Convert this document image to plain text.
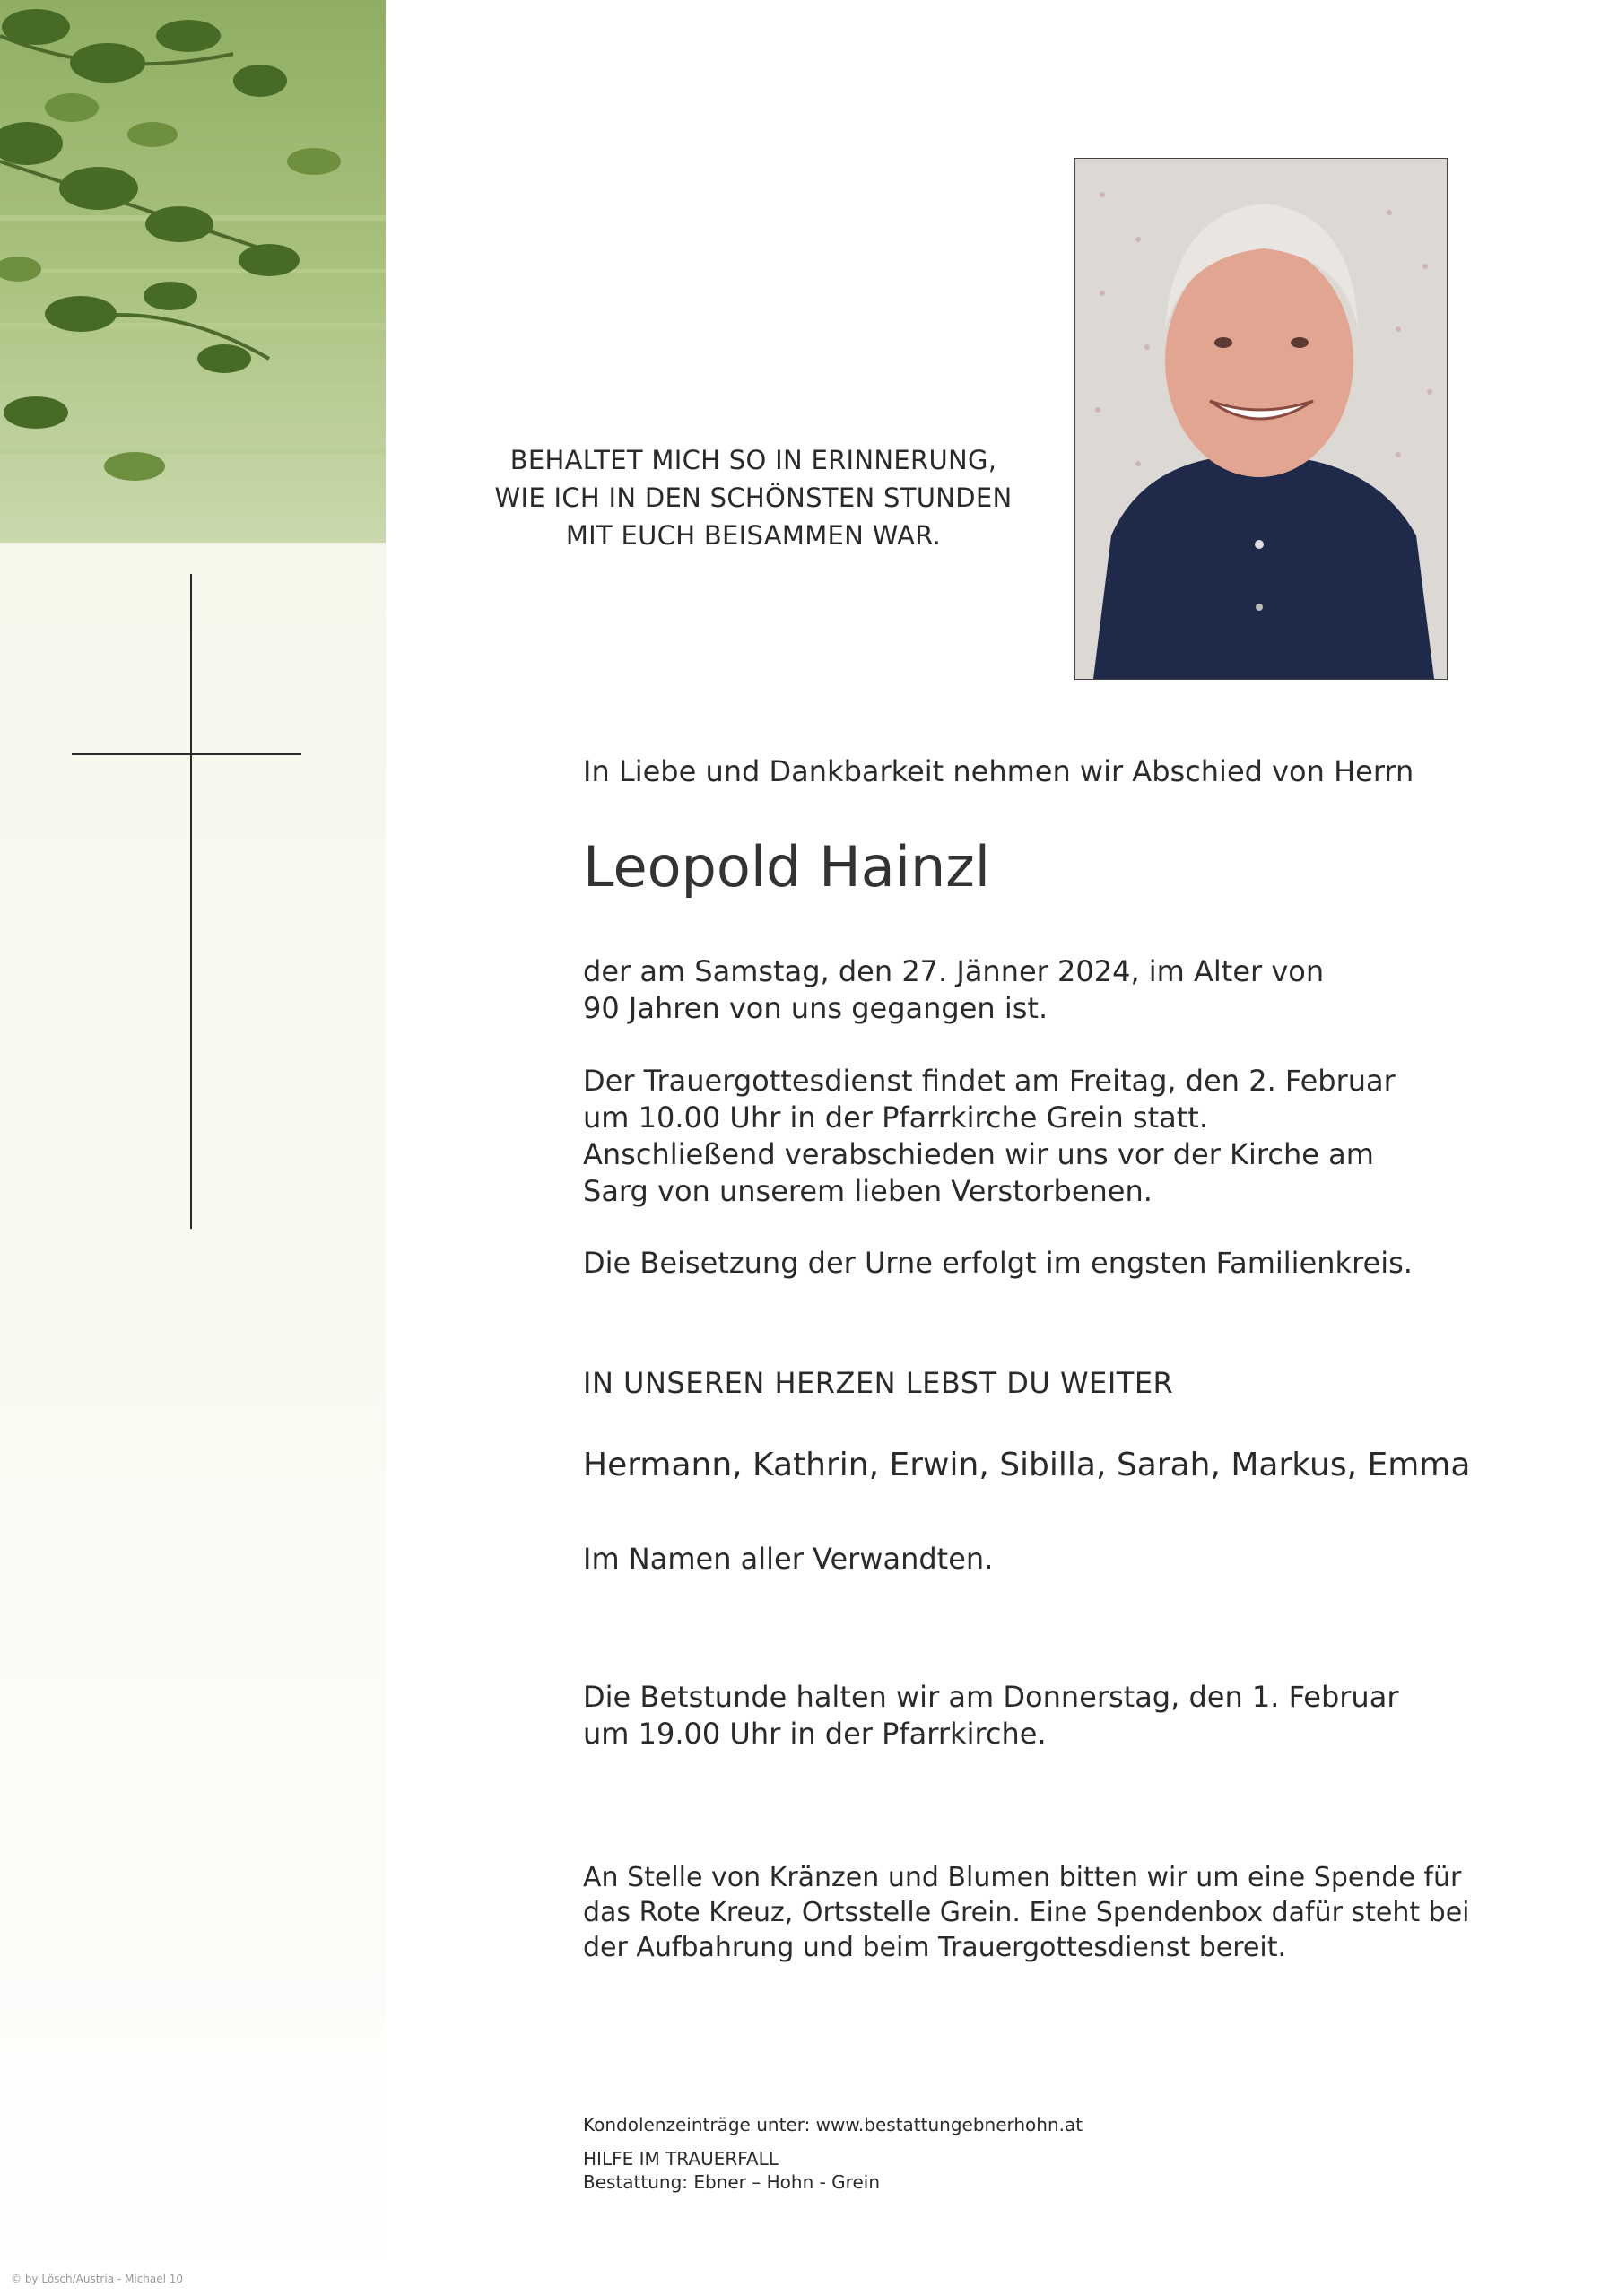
BEHALTET MICH SO IN ERINNERUNG,
WIE ICH IN DEN SCHÖNSTEN STUNDEN
MIT EUCH BEISAMMEN WAR.
In Liebe und Dankbarkeit nehmen wir Abschied von Herrn
Leopold Hainzl
der am Samstag, den 27. Jänner 2024, im Alter von
90 Jahren von uns gegangen ist.
Der Trauergottesdienst findet am Freitag, den 2. Februar
um 10.00 Uhr in der Pfarrkirche Grein statt.
Anschließend verabschieden wir uns vor der Kirche am
Sarg von unserem lieben Verstorbenen.
Die Beisetzung der Urne erfolgt im engsten Familienkreis.
IN UNSEREN HERZEN LEBST DU WEITER
Hermann, Kathrin, Erwin, Sibilla, Sarah, Markus, Emma
Im Namen aller Verwandten.
Die Betstunde halten wir am Donnerstag, den 1. Februar
um 19.00 Uhr in der Pfarrkirche.
An Stelle von Kränzen und Blumen bitten wir um eine Spende für
das Rote Kreuz, Ortsstelle Grein. Eine Spendenbox dafür steht bei
der Aufbahrung und beim Trauergottesdienst bereit.
Kondolenzeinträge unter: www.bestattungebnerhohn.at
HILFE IM TRAUERFALL
Bestattung: Ebner – Hohn - Grein
© by Lösch/Austria - Michael 10
